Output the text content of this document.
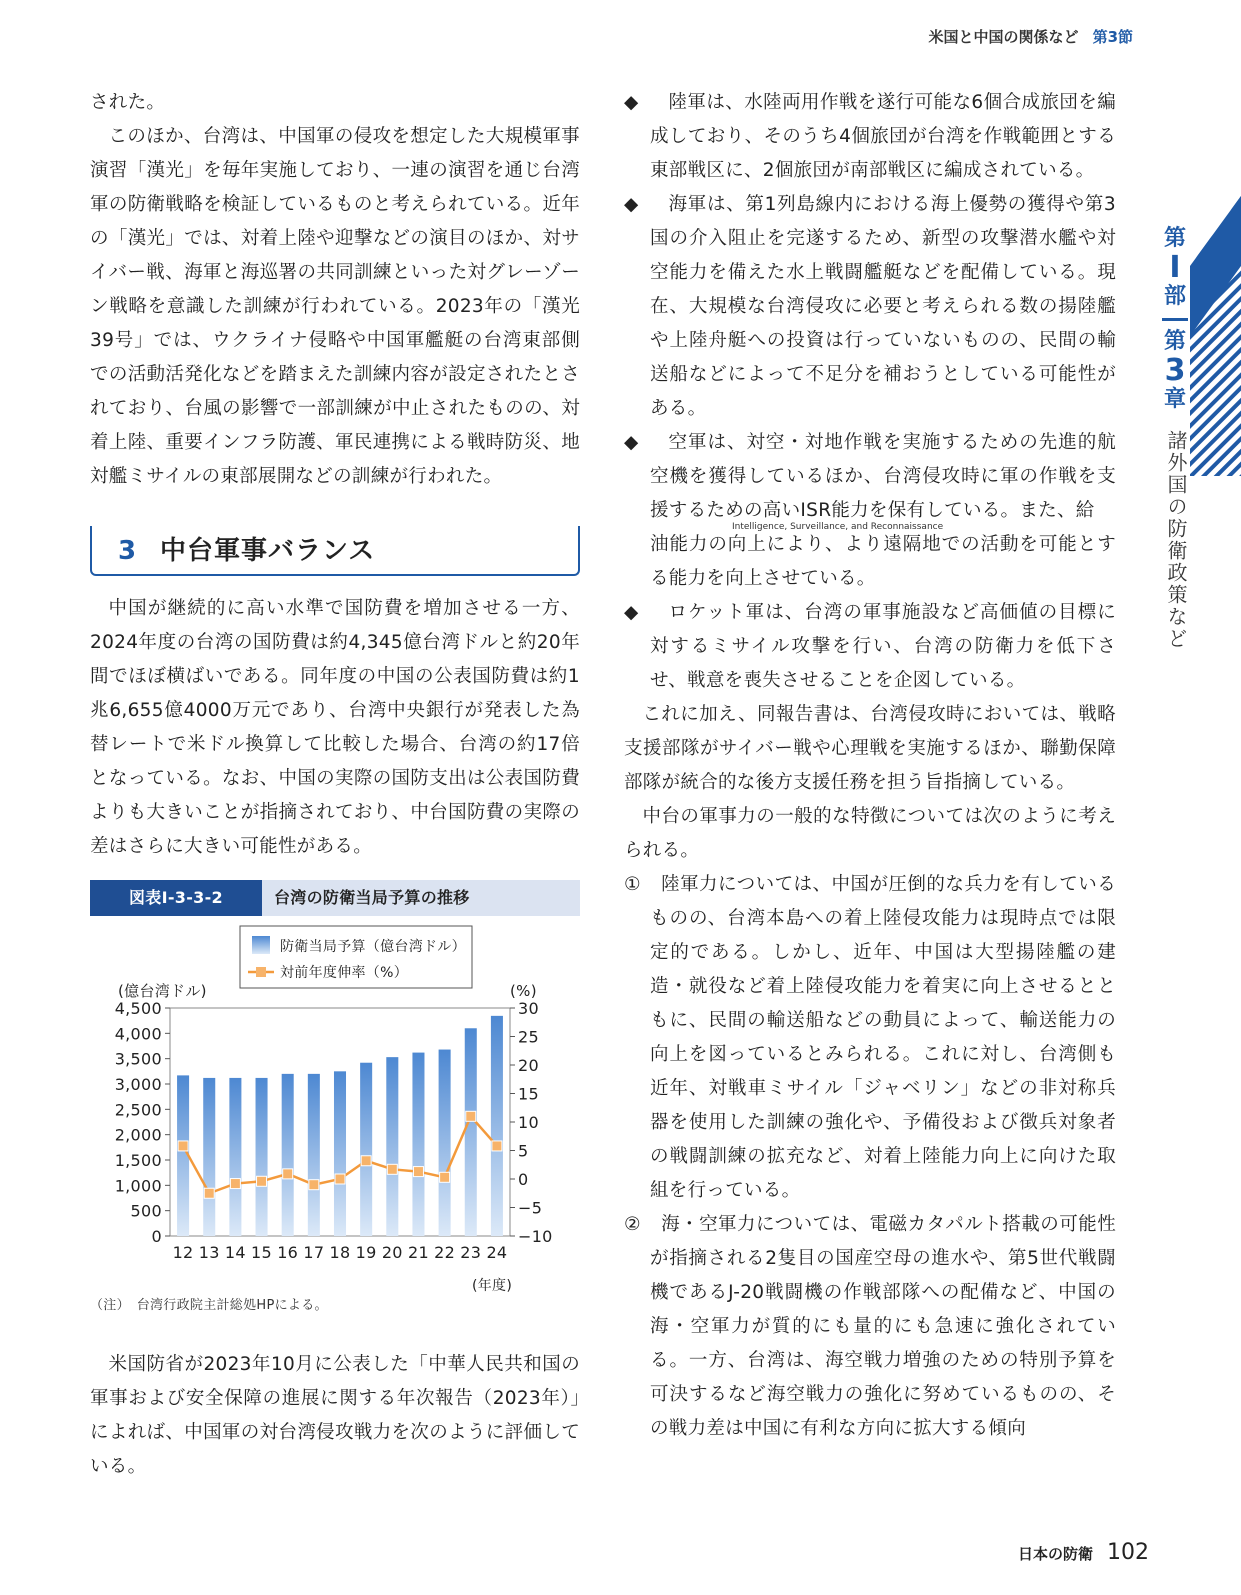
米国と中国の関係など 第3節

された。

このほか、台湾は、中国軍の侵攻を想定した大規模軍事演習「漢光」を毎年実施しており、一連の演習を通じ台湾軍の防衛戦略を検証しているものと考えられている。近年の「漢光」では、対着上陸や迎撃などの演目のほか、対サイバー戦、海軍と海巡署の共同訓練といった対グレーゾーン戦略を意識した訓練が行われている。2023年の「漢光39号」では、ウクライナ侵略や中国軍艦艇の台湾東部側での活動活発化などを踏まえた訓練内容が設定されたとされており、台風の影響で一部訓練が中止されたものの、対着上陸、重要インフラ防護、軍民連携による戦時防災、地対艦ミサイルの東部展開などの訓練が行われた。

3 中台軍事バランス

中国が継続的に高い水準で国防費を増加させる一方、2024年度の台湾の国防費は約4,345億台湾ドルと約20年間でほぼ横ばいである。同年度の中国の公表国防費は約1兆6,655億4000万元であり、台湾中央銀行が発表した為替レートで米ドル換算して比較した場合、台湾の約17倍となっている。なお、中国の実際の国防支出は公表国防費よりも大きいことが指摘されており、中台国防費の実際の差はさらに大きい可能性がある。

図表Ⅰ-3-3-2	台湾の防衛当局予算の推移
(億台湾ドル)	(%)
(年度)
0
500
1,000
1,500
2,000
2,500
3,000
3,500
4,000
4,500
−10
−5
0
5
10
15
20
25
30
12 13 14 15 16 17 18 19 20 21 22 23 24
防衛当局予算（億台湾ドル）
対前年度伸率（%）

（注）　台湾行政院主計総処HPによる。

米国防省が2023年10月に公表した「中華人民共和国の軍事および安全保障の進展に関する年次報告（2023年）」によれば、中国軍の対台湾侵攻戦力を次のように評価している。

◆	陸軍は、水陸両用作戦を遂行可能な6個合成旅団を編成しており、そのうち4個旅団が台湾を作戦範囲とする東部戦区に、2個旅団が南部戦区に編成されている。

◆	海軍は、第1列島線内における海上優勢の獲得や第3国の介入阻止を完遂するため、新型の攻撃潜水艦や対空能力を備えた水上戦闘艦艇などを配備している。現在、大規模な台湾侵攻に必要と考えられる数の揚陸艦や上陸舟艇への投資は行っていないものの、民間の輸送船などによって不足分を補おうとしている可能性がある。

◆	空軍は、対空・対地作戦を実施するための先進的航空機を獲得しているほか、台湾侵攻時に軍の作戦を支援するための高いISR能力を保有している。また、給

Intelligence, Surveillance, and Reconnaissance

油能力の向上により、より遠隔地での活動を可能とする能力を向上させている。

◆	ロケット軍は、台湾の軍事施設など高価値の目標に対するミサイル攻撃を行い、台湾の防衛力を低下させ、戦意を喪失させることを企図している。

これに加え、同報告書は、台湾侵攻時においては、戦略支援部隊がサイバー戦や心理戦を実施するほか、聯勤保障部隊が統合的な後方支援任務を担う旨指摘している。

中台の軍事力の一般的な特徴については次のように考えられる。

①	陸軍力については、中国が圧倒的な兵力を有しているものの、台湾本島への着上陸侵攻能力は現時点では限定的である。しかし、近年、中国は大型揚陸艦の建造・就役など着上陸侵攻能力を着実に向上させるとともに、民間の輸送船などの動員によって、輸送能力の向上を図っているとみられる。これに対し、台湾側も近年、対戦車ミサイル「ジャベリン」などの非対称兵器を使用した訓練の強化や、予備役および徴兵対象者の戦闘訓練の拡充など、対着上陸能力向上に向けた取組を行っている。

②	海・空軍力については、電磁カタパルト搭載の可能性が指摘される2隻目の国産空母の進水や、第5世代戦闘機であるJ-20戦闘機の作戦部隊への配備など、中国の海・空軍力が質的にも量的にも急速に強化されている。一方、台湾は、海空戦力増強のための特別予算を可決するなど海空戦力の強化に努めているものの、その戦力差は中国に有利な方向に拡大する傾向

第
Ⅰ
部
第
3
章
諸外国の防衛政策など
日本の防衛 102
